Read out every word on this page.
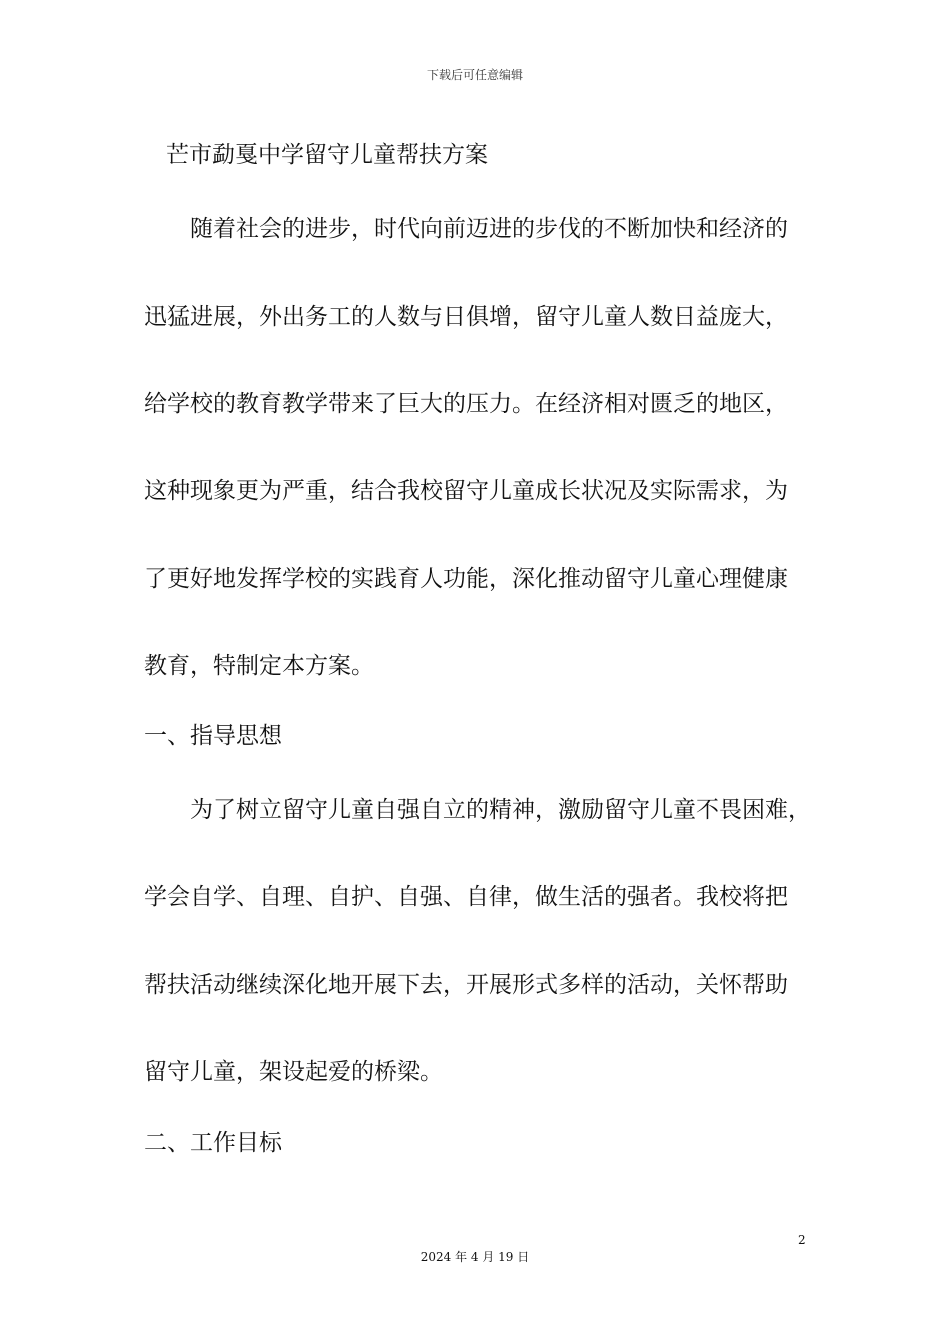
下载后可任意编辑
芒市勐戛中学留守儿童帮扶方案
随着社会的进步，时代向前迈进的步伐的不断加快和经济的
迅猛进展，外出务工的人数与日俱增，留守儿童人数日益庞大，
给学校的教育教学带来了巨大的压力。在经济相对匮乏的地区，
这种现象更为严重，结合我校留守儿童成长状况及实际需求，为
了更好地发挥学校的实践育人功能，深化推动留守儿童心理健康
教育，特制定本方案。
一、指导思想
为了树立留守儿童自强自立的精神，激励留守儿童不畏困难，
学会自学、自理、自护、自强、自律，做生活的强者。我校将把
帮扶活动继续深化地开展下去，开展形式多样的活动，关怀帮助
留守儿童，架设起爱的桥梁。
二、工作目标
2
2024 年 4 月 19 日
